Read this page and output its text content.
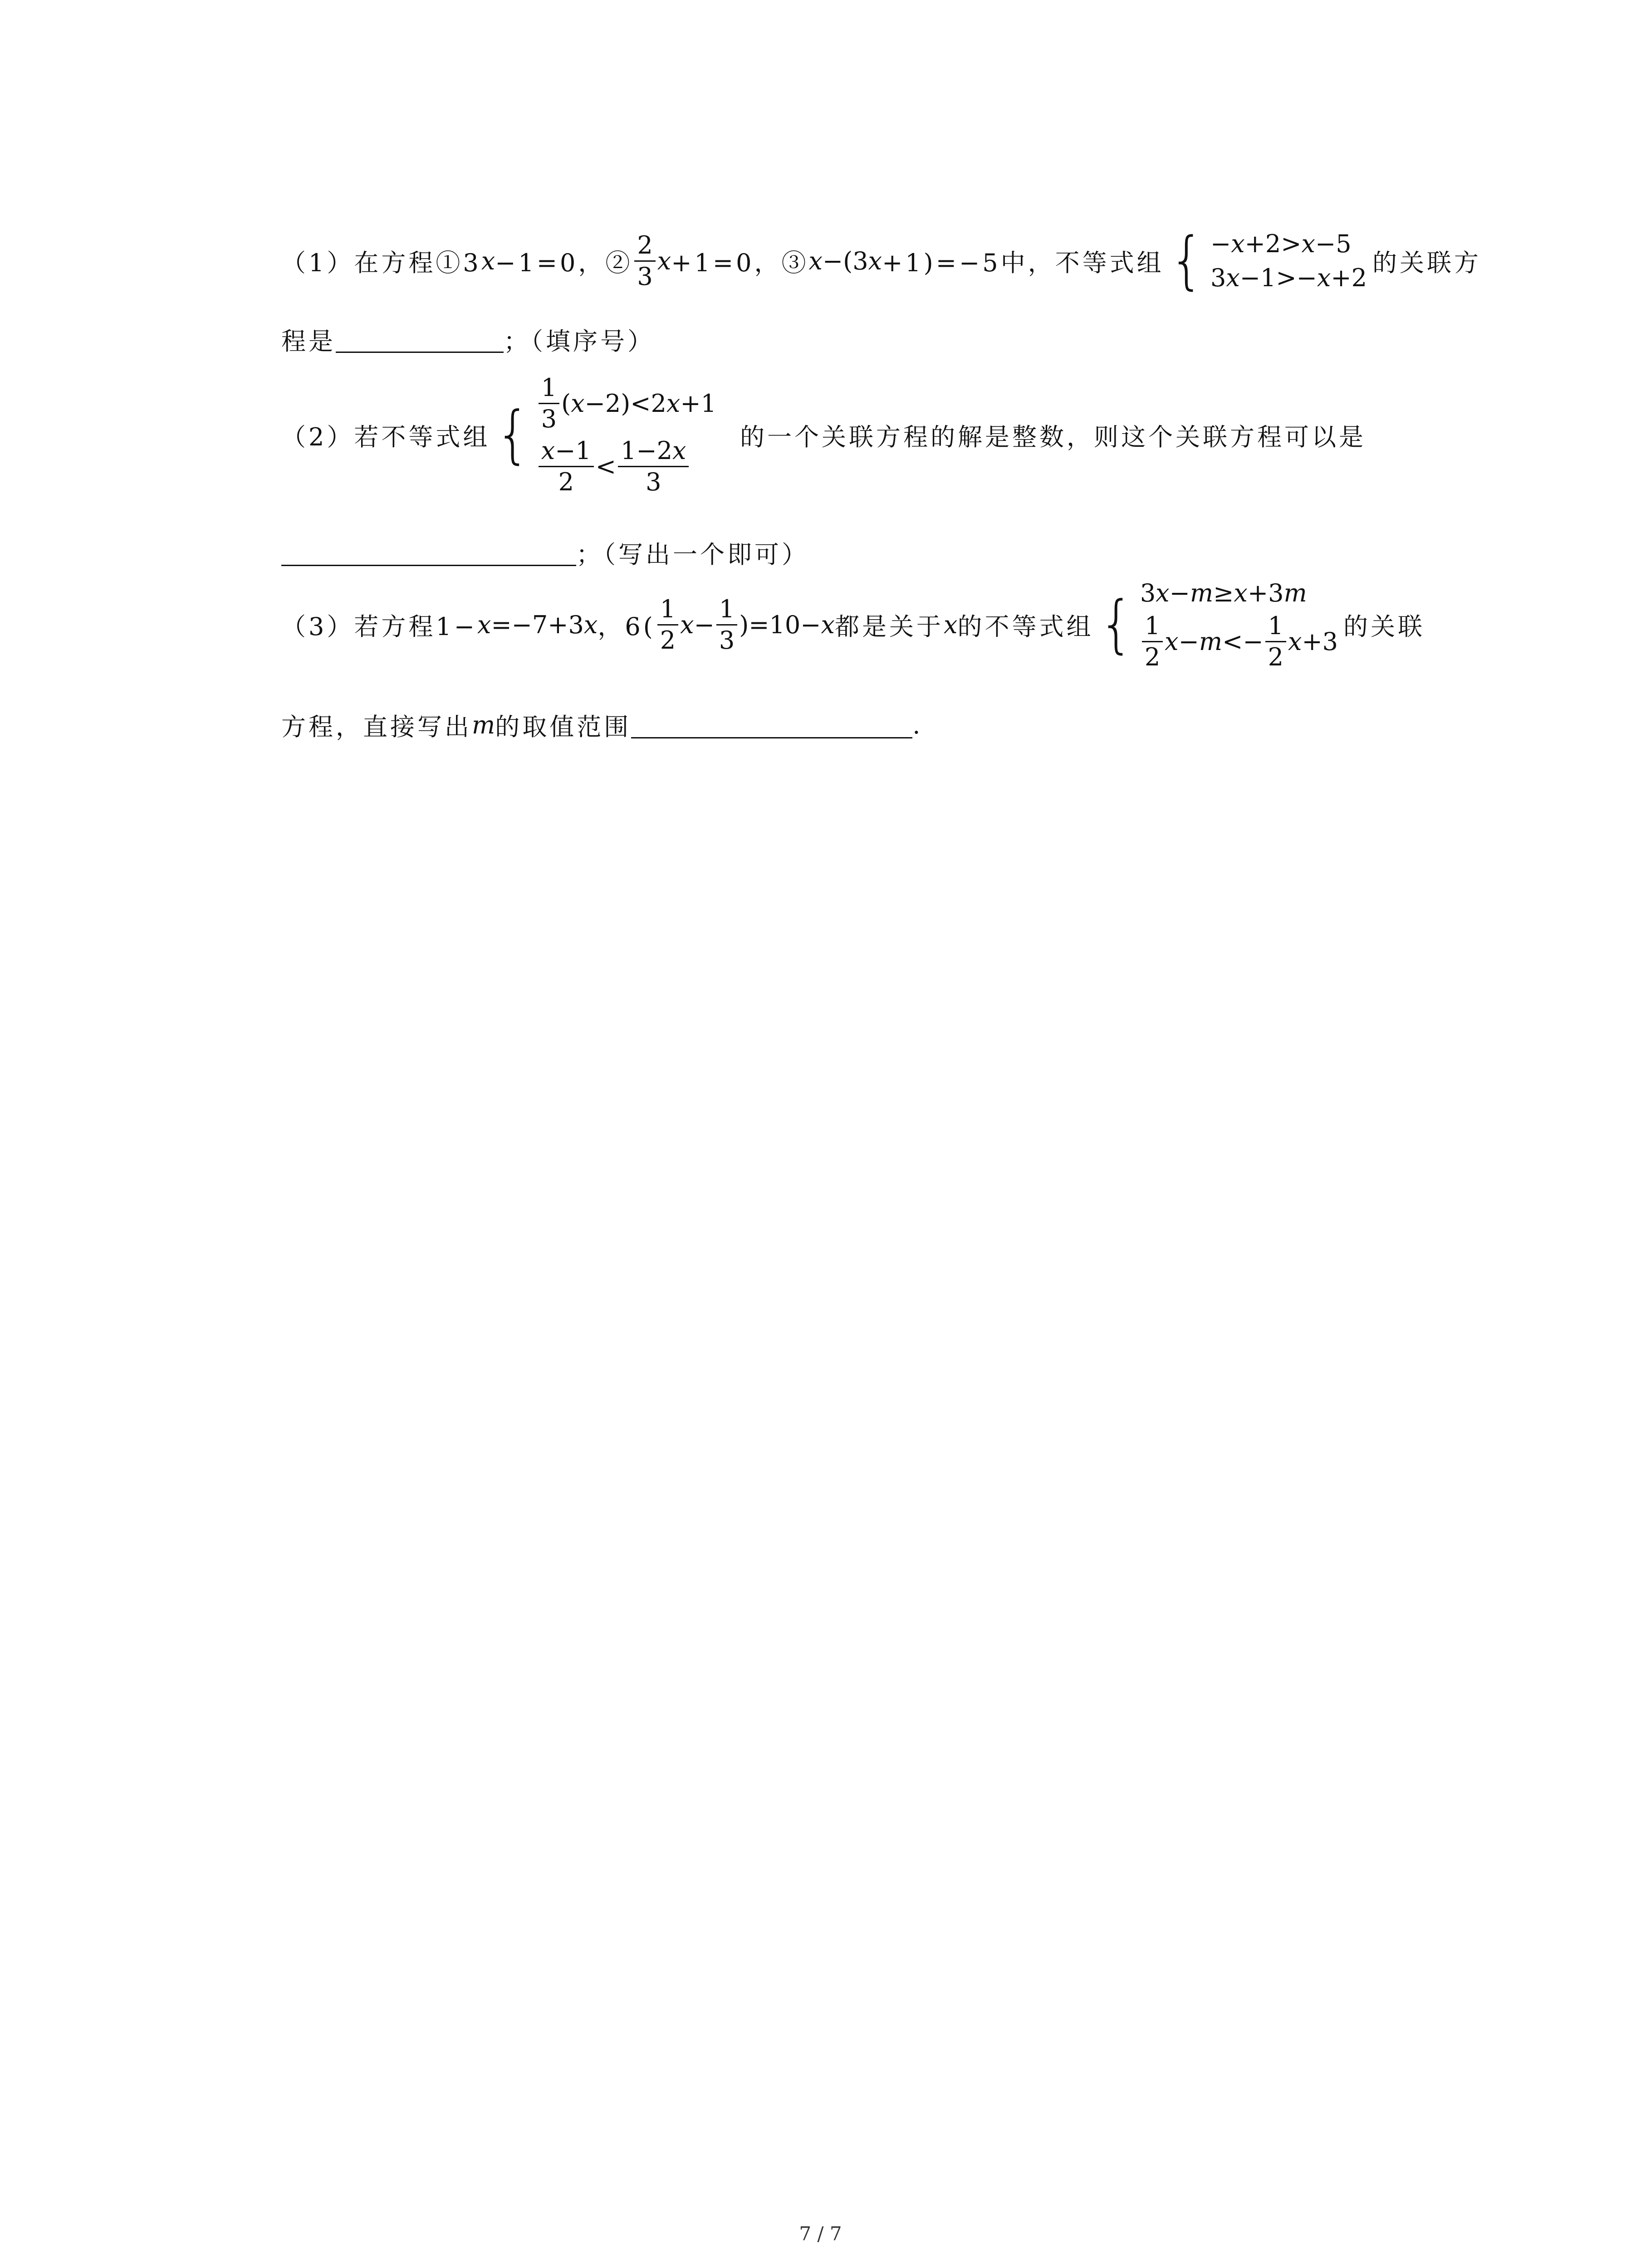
（1）在方程①3 x −1=0，② $\frac{2}{3}$ x +1=0，③ x −(3 x +1)=−5中，不等式组 { − x +2> x −5
3 x −1>− x +2
的关联方
程是	；（填序号）
（2）若不等式组 { $\frac{1}{3}$ ( x −2)<2 x +1
$\frac{x-1}{2} < \frac{1-2x}{3}$
的一个关联方程的解是整数，则这个关联方程可以是
；（写出一个即可）
（3）若方程1− x =−7+3 x ，$6( \frac{1}{2}$ $x - \frac{1}{3} )=10- x$ 都是关于 x 的不等式组 { 3 x − m ≥ x +3 m
$\frac{1}{2}$ $x - m <- \frac{1}{2}$ x +3
的关联
方程，直接写出 m 的取值范围	.
7 / 7
